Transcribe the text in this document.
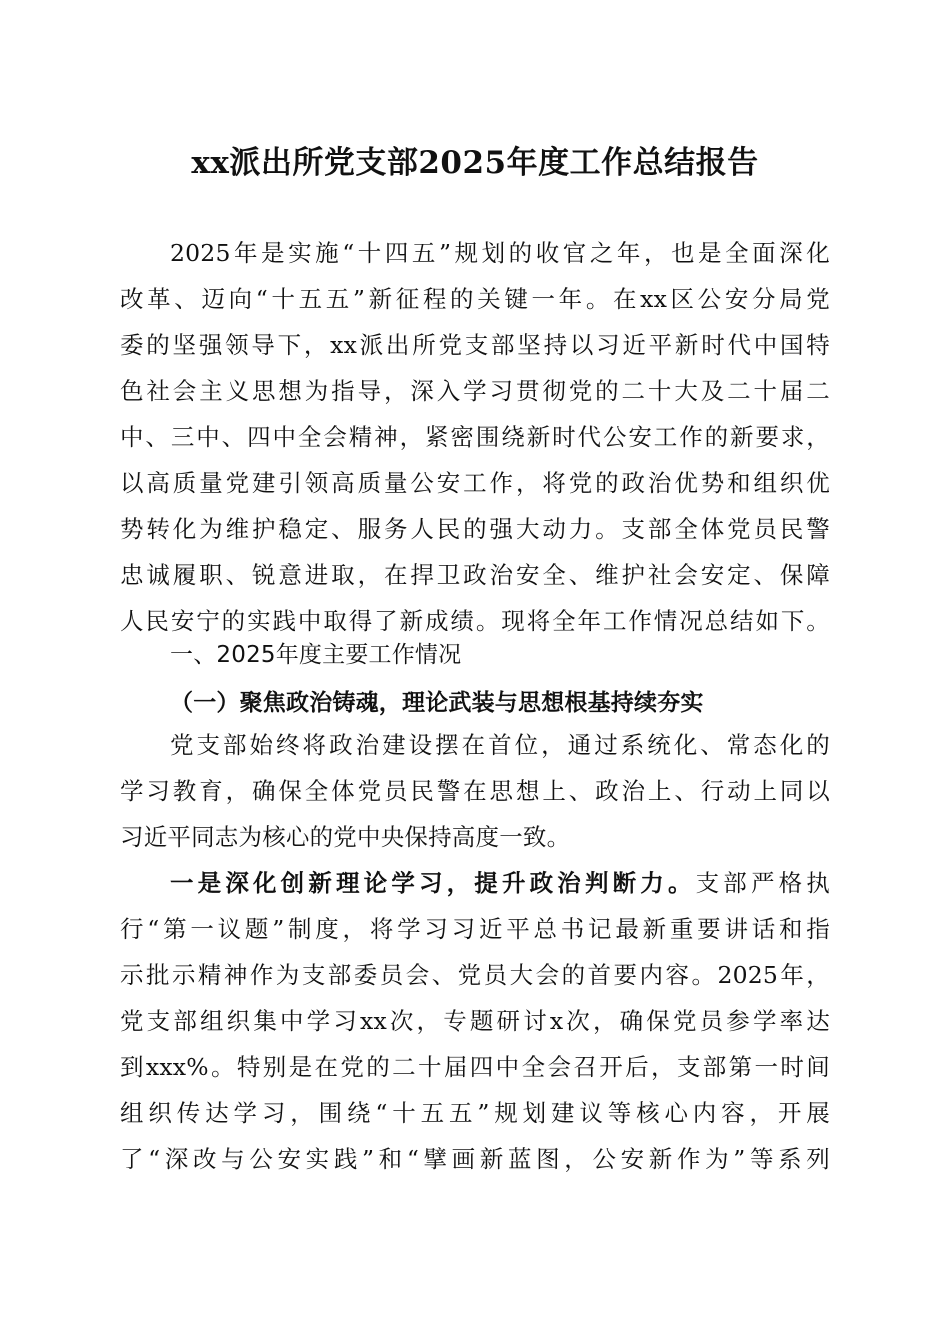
xx派出所党支部2025年度工作总结报告
2025年是实施“十四五”规划的收官之年，也是全面深化
改革、迈向“十五五”新征程的关键一年。在xx区公安分局党
委的坚强领导下，xx派出所党支部坚持以习近平新时代中国特
色社会主义思想为指导，深入学习贯彻党的二十大及二十届二
中、三中、四中全会精神，紧密围绕新时代公安工作的新要求，
以高质量党建引领高质量公安工作，将党的政治优势和组织优
势转化为维护稳定、服务人民的强大动力。支部全体党员民警
忠诚履职、锐意进取，在捍卫政治安全、维护社会安定、保障
人民安宁的实践中取得了新成绩。现将全年工作情况总结如下。
一、2025年度主要工作情况
（一）聚焦政治铸魂，理论武装与思想根基持续夯实
党支部始终将政治建设摆在首位，通过系统化、常态化的
学习教育，确保全体党员民警在思想上、政治上、行动上同以
习近平同志为核心的党中央保持高度一致。
一是深化创新理论学习，提升政治判断力。支部严格执
行“第一议题”制度，将学习习近平总书记最新重要讲话和指
示批示精神作为支部委员会、党员大会的首要内容。2025年，
党支部组织集中学习xx次，专题研讨x次，确保党员参学率达
到xxx%。特别是在党的二十届四中全会召开后，支部第一时间
组织传达学习，围绕“十五五”规划建议等核心内容，开展
了“深改与公安实践”和“擘画新蓝图，公安新作为”等系列
